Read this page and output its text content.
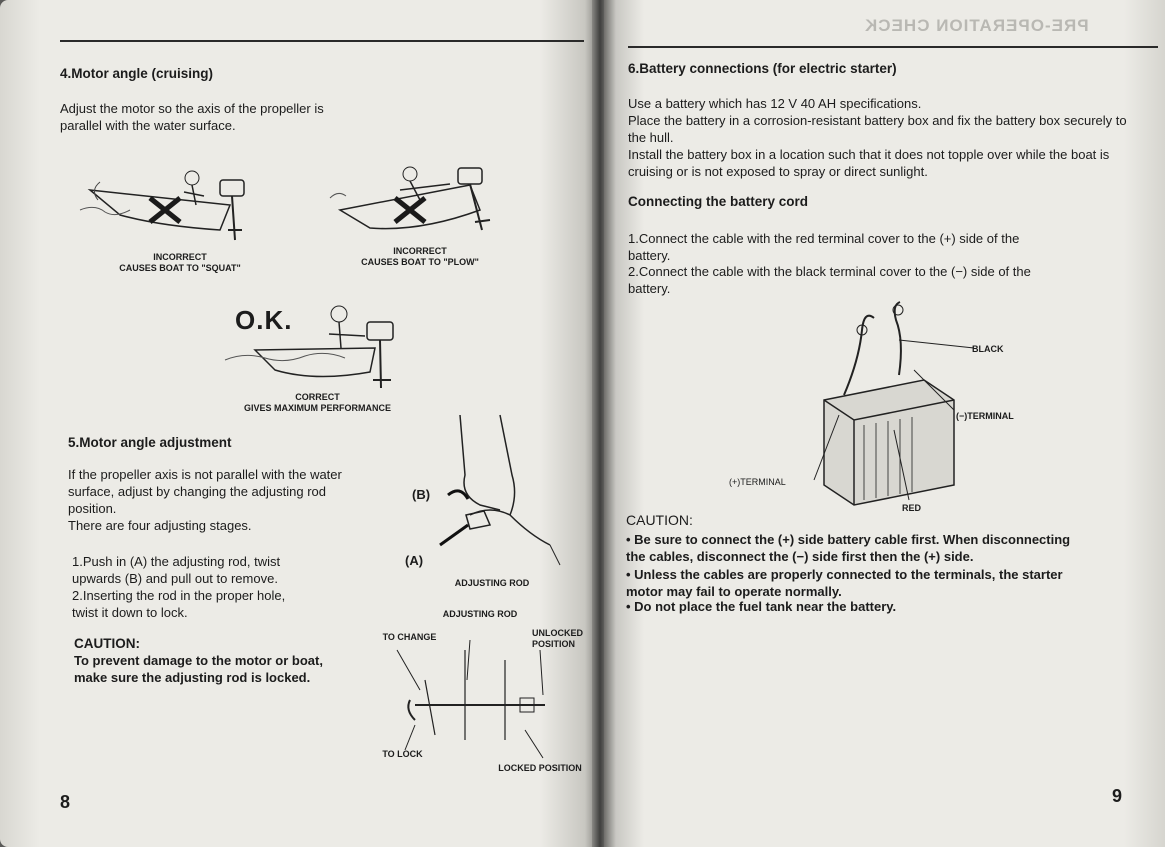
4.Motor angle (cruising)
Adjust the motor so the axis of the propeller is parallel with the water surface.
INCORRECT
CAUSES BOAT TO "SQUAT"
INCORRECT
CAUSES BOAT TO "PLOW"
O.K.
CORRECT
GIVES MAXIMUM PERFORMANCE
5.Motor angle adjustment
If the propeller axis is not parallel with the water surface, adjust by changing the adjusting rod position.
There are four adjusting stages.
1.Push in (A) the adjusting rod, twist
upwards (B) and pull out to remove.
2.Inserting the rod in the proper hole,
twist it down to lock.
CAUTION:
To prevent damage to the motor or boat, make sure the adjusting rod is locked.
(B)
(A)
ADJUSTING ROD
ADJUSTING ROD
TO CHANGE	UNLOCKED
POSITION
TO LOCK
LOCKED POSITION
8
PRE-OPERATION CHECK
6.Battery connections (for electric starter)
Use a battery which has 12 V 40 AH specifications.
Place the battery in a corrosion-resistant battery box and fix the battery box securely to the hull.
Install the battery box in a location such that it does not topple over while the boat is cruising or is not exposed to spray or direct sunlight.
Connecting the battery cord
1.Connect the cable with the red terminal cover to the (+) side of the
battery.
2.Connect the cable with the black terminal cover to the (−) side of the
battery.
BLACK
(−)TERMINAL
(+)TERMINAL
RED
CAUTION:
• Be sure to connect the (+) side battery cable first. When disconnecting
the cables, disconnect the (−) side first then the (+) side.
• Unless the cables are properly connected to the terminals, the starter
motor may fail to operate normally.
• Do not place the fuel tank near the battery.
9
